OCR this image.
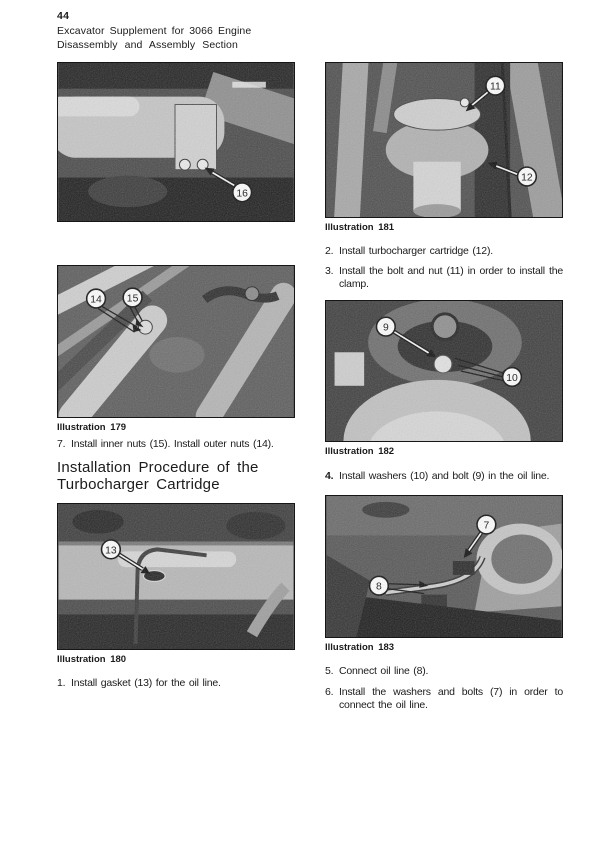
44
Excavator Supplement for 3066 Engine
Disassembly and Assembly Section
16
14 15
Illustration 179
7. Install inner nuts (15). Install outer nuts (14).
Installation Procedure of the
Turbocharger Cartridge
13
Illustration 180
1. Install gasket (13) for the oil line.
11
12
Illustration 181
2. Install turbocharger cartridge (12).
3. Install the bolt and nut (11) in order to install the clamp.
9
10
Illustration 182
4. Install washers (10) and bolt (9) in the oil line.
7
8
Illustration 183
5. Connect oil line (8).
6. Install the washers and bolts (7) in order to connect the oil line.
